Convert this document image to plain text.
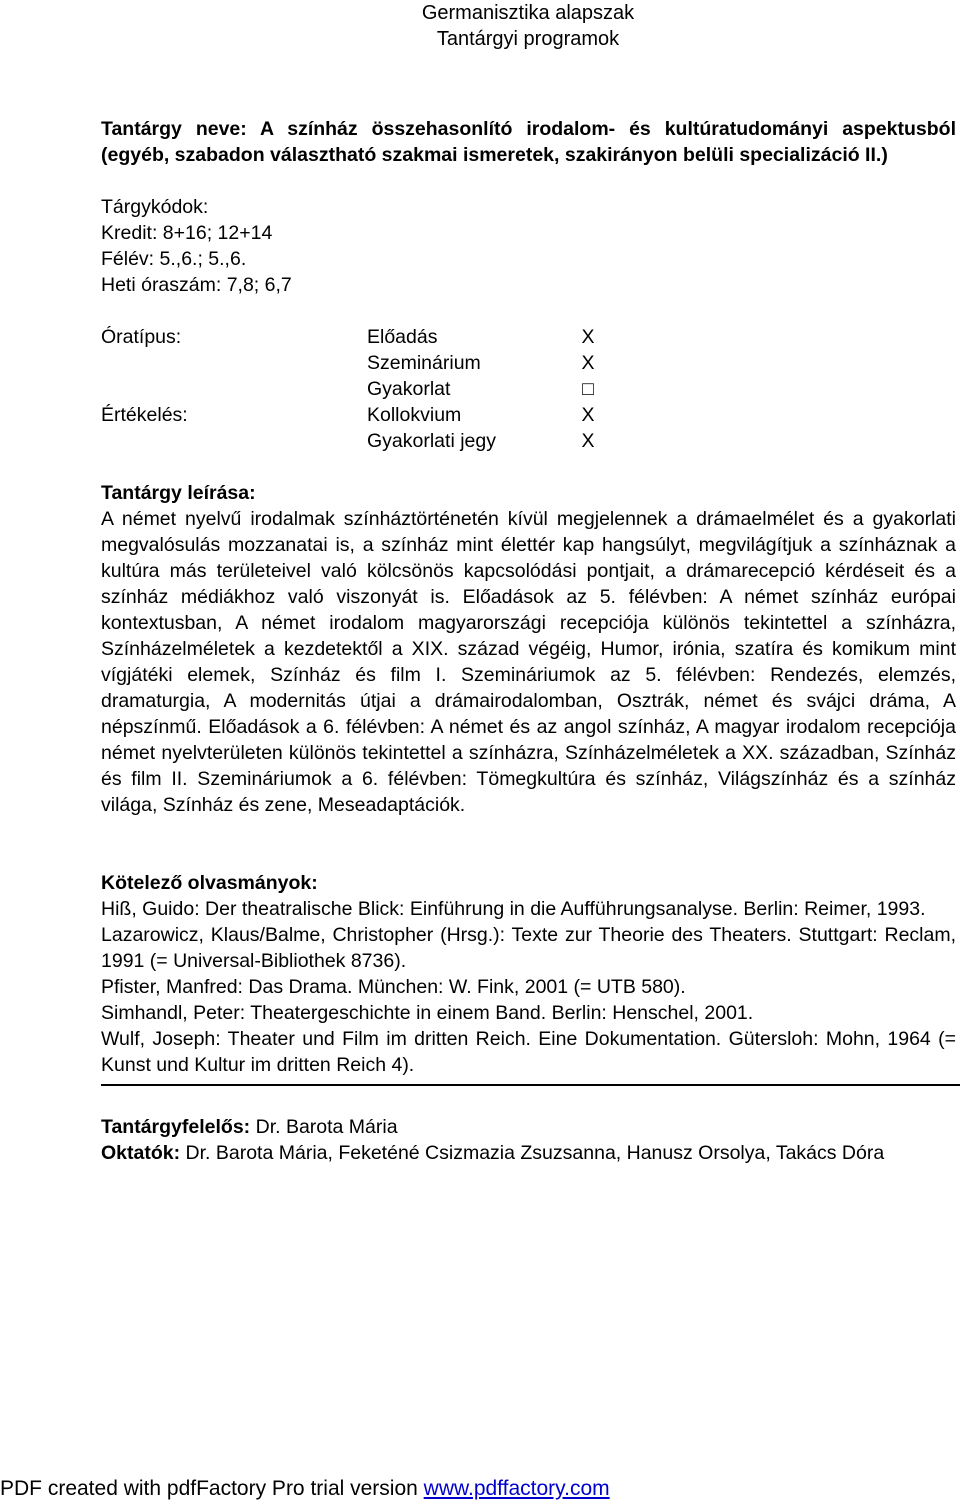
Germanisztika alapszak
Tantárgyi programok

Tantárgy neve: A színház összehasonlító irodalom- és kultúratudományi aspektusból (egyéb, szabadon választható szakmai ismeretek, szakirányon belüli specializáció II.)

Tárgykódok:
Kredit: 8+16; 12+14
Félév: 5.,6.; 5.,6.
Heti óraszám: 7,8; 6,7
Óratípus:	Előadás	X
Szeminárium	X
Gyakorlat	□
Értékelés:	Kollokvium	X
Gyakorlati jegy	X
Tantárgy leírása:

A német nyelvű irodalmak színháztörténetén kívül megjelennek a drámaelmélet és a gyakorlati megvalósulás mozzanatai is, a színház mint élettér kap hangsúlyt, megvilágítjuk a színháznak a kultúra más területeivel való kölcsönös kapcsolódási pontjait, a drámarecepció kérdéseit és a színház médiákhoz való viszonyát is. Előadások az 5. félévben: A német színház európai kontextusban, A német irodalom magyarországi recepciója különös tekintettel a színházra, Színházelméletek a kezdetektől a XIX. század végéig, Humor, irónia, szatíra és komikum mint vígjátéki elemek, Színház és film I. Szemináriumok az 5. félévben: Rendezés, elemzés, dramaturgia, A modernitás útjai a drámairodalomban, Osztrák, német és svájci dráma, A népszínmű. Előadások a 6. félévben: A német és az angol színház, A magyar irodalom recepciója német nyelvterületen különös tekintettel a színházra, Színházelméletek a XX. században, Színház és film II. Szemináriumok a 6. félévben: Tömegkultúra és színház, Világszínház és a színház világa, Színház és zene, Meseadaptációk.

Kötelező olvasmányok:
Hiß, Guido: Der theatralische Blick: Einführung in die Aufführungsanalyse. Berlin: Reimer, 1993.
Lazarowicz, Klaus/Balme, Christopher (Hrsg.): Texte zur Theorie des Theaters. Stuttgart: Reclam, 1991 (= Universal-Bibliothek 8736).
Pfister, Manfred: Das Drama. München: W. Fink, 2001 (= UTB 580).
Simhandl, Peter: Theatergeschichte in einem Band. Berlin: Henschel, 2001.
Wulf, Joseph: Theater und Film im dritten Reich. Eine Dokumentation. Gütersloh: Mohn, 1964 (= Kunst und Kultur im dritten Reich 4).
Tantárgyfelelős: Dr. Barota Mária

Oktatók: Dr. Barota Mária, Feketéné Csizmazia Zsuzsanna, Hanusz Orsolya, Takács Dóra

PDF created with pdfFactory Pro trial version www.pdffactory.com
